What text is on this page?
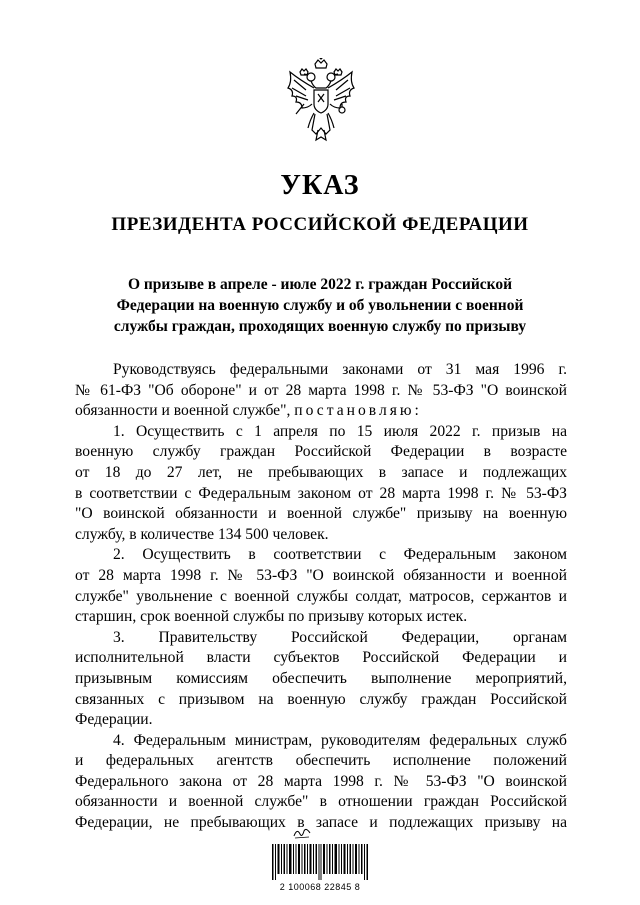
УКАЗ
ПРЕЗИДЕНТА РОССИЙСКОЙ ФЕДЕРАЦИИ
О призыве в апреле - июле 2022 г. граждан Российской
Федерации на военную службу и об увольнении с военной
службы граждан, проходящих военную службу по призыву
Руководствуясь федеральными законами от 31 мая 1996 г.
№ 61-ФЗ "Об обороне" и от 28 марта 1998 г. № 53-ФЗ "О воинской
обязанности и военной службе", постановляю:
1. Осуществить с 1 апреля по 15 июля 2022 г. призыв на
военную службу граждан Российской Федерации в возрасте
от 18 до 27 лет, не пребывающих в запасе и подлежащих
в соответствии с Федеральным законом от 28 марта 1998 г. № 53-ФЗ
"О воинской обязанности и военной службе" призыву на военную
службу, в количестве 134 500 человек.
2. Осуществить в соответствии с Федеральным законом
от 28 марта 1998 г. № 53-ФЗ "О воинской обязанности и военной
службе" увольнение с военной службы солдат, матросов, сержантов и
старшин, срок военной службы по призыву которых истек.
3. Правительству Российской Федерации, органам
исполнительной власти субъектов Российской Федерации и
призывным комиссиям обеспечить выполнение мероприятий,
связанных с призывом на военную службу граждан Российской
Федерации.
4. Федеральным министрам, руководителям федеральных служб
и федеральных агентств обеспечить исполнение положений
Федерального закона от 28 марта 1998 г. № 53-ФЗ "О воинской
обязанности и военной службе" в отношении граждан Российской
Федерации, не пребывающих в запасе и подлежащих призыву на
2 100068 22845 8
